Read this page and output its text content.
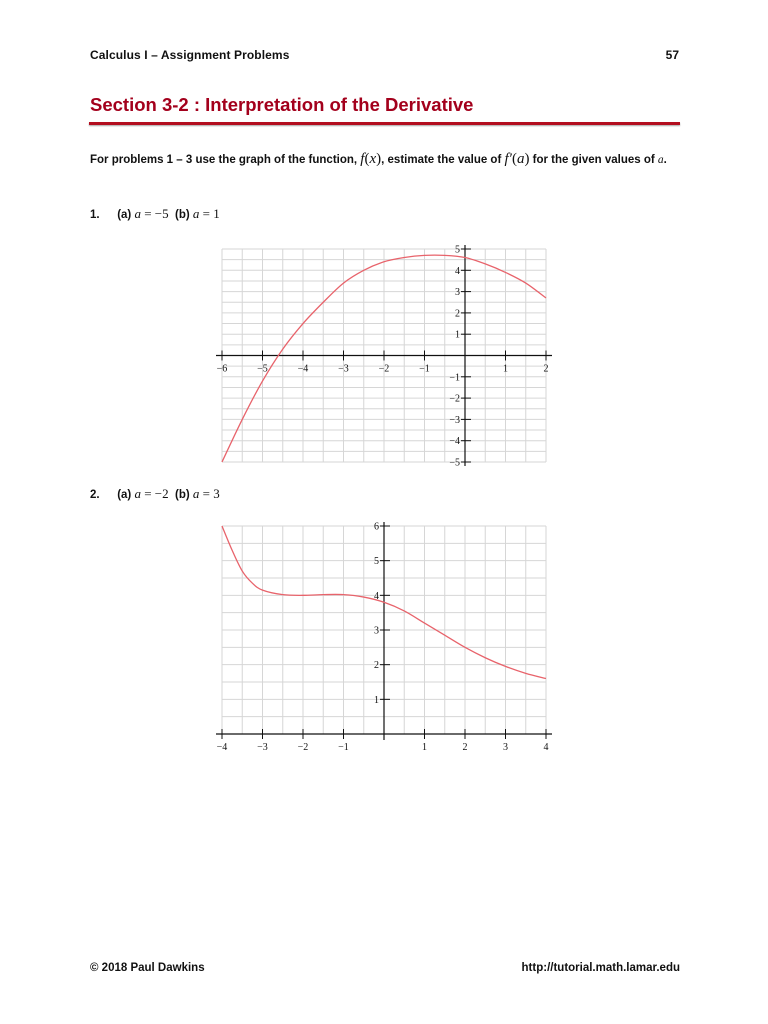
Calculus I – Assignment Problems	57
Section 3-2 : Interpretation of the Derivative
For problems 1 – 3 use the graph of the function, f(x), estimate the value of f′(a) for the given values of a.
1. (a) a = −5 (b) a = 1
−6	−5	−4	−3	−2	−1	1	2
5
4
3
2
1
−1
−2
−3
−4
−5
2. (a) a = −2 (b) a = 3
−4	−3	−2	−1	1	2	3	4
6
5
4
3
2
1
© 2018 Paul Dawkins	http://tutorial.math.lamar.edu
